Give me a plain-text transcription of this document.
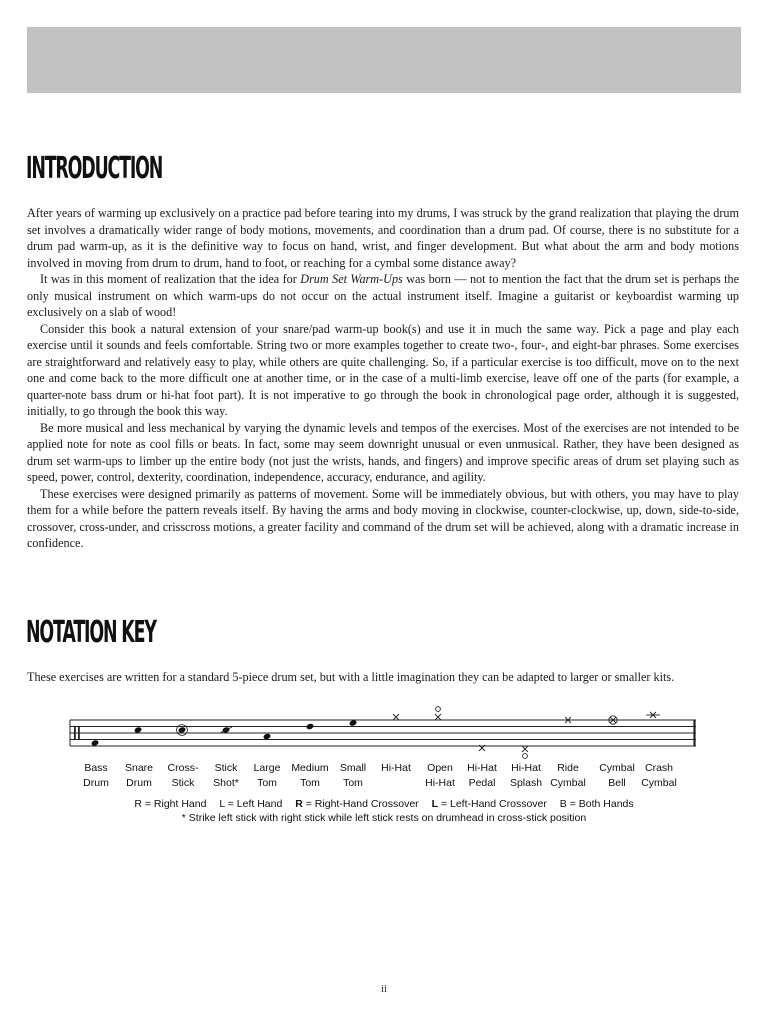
INTRODUCTION

After years of warming up exclusively on a practice pad before tearing into my drums, I was struck by the grand realization that playing the drum set involves a dramatically wider range of body motions, movements, and coordination than a drum pad. Of course, there is no substitute for a drum pad warm-up, as it is the definitive way to focus on hand, wrist, and finger development. But what about the arm and body motions involved in moving from drum to drum, hand to foot, or reaching for a cymbal some distance away?

It was in this moment of realization that the idea for Drum Set Warm-Ups was born — not to mention the fact that the drum set is perhaps the only musical instrument on which warm-ups do not occur on the actual instrument itself. Imagine a guitarist or keyboardist warming up exclusively on a slab of wood!

Consider this book a natural extension of your snare/pad warm-up book(s) and use it in much the same way. Pick a page and play each exercise until it sounds and feels comfortable. String two or more examples together to create two-, four-, and eight-bar phrases. Some exercises are straightforward and relatively easy to play, while others are quite challenging. So, if a particular exercise is too difficult, move on to the next one and come back to the more difficult one at another time, or in the case of a multi-limb exercise, leave off one of the parts (for example, a quarter-note bass drum or hi-hat foot part). It is not imperative to go through the book in chronological page order, although it is suggested, initially, to go through the book this way.

Be more musical and less mechanical by varying the dynamic levels and tempos of the exercises. Most of the exercises are not intended to be applied note for note as cool fills or beats. In fact, some may seem downright unusual or even unmusical. Rather, they have been designed as drum set warm-ups to limber up the entire body (not just the wrists, hands, and fingers) and improve specific areas of drum set playing such as speed, power, control, dexterity, coordination, independence, accuracy, endurance, and agility.

These exercises were designed primarily as patterns of movement. Some will be immediately obvious, but with others, you may have to play them for a while before the pattern reveals itself. By having the arms and body moving in clockwise, counter-clockwise, up, down, side-to-side, crossover, cross-under, and crisscross motions, a greater facility and command of the drum set will be achieved, along with a dramatic increase in confidence.

NOTATION KEY

These exercises are written for a standard 5-piece drum set, but with a little imagination they can be adapted to larger or smaller kits.

Bass
Drum
Snare
Drum
Cross-
Stick
Stick
Shot*
Large
Tom
Medium
Tom
Small
Tom
Hi-Hat	Open
Hi-Hat
Hi-Hat
Pedal
Hi-Hat
Splash
Ride
Cymbal
Cymbal
Bell
Crash
Cymbal

R = Right Hand L = Left Hand R = Right-Hand Crossover L = Left-Hand Crossover B = Both Hands

* Strike left stick with right stick while left stick rests on drumhead in cross-stick position

ii
